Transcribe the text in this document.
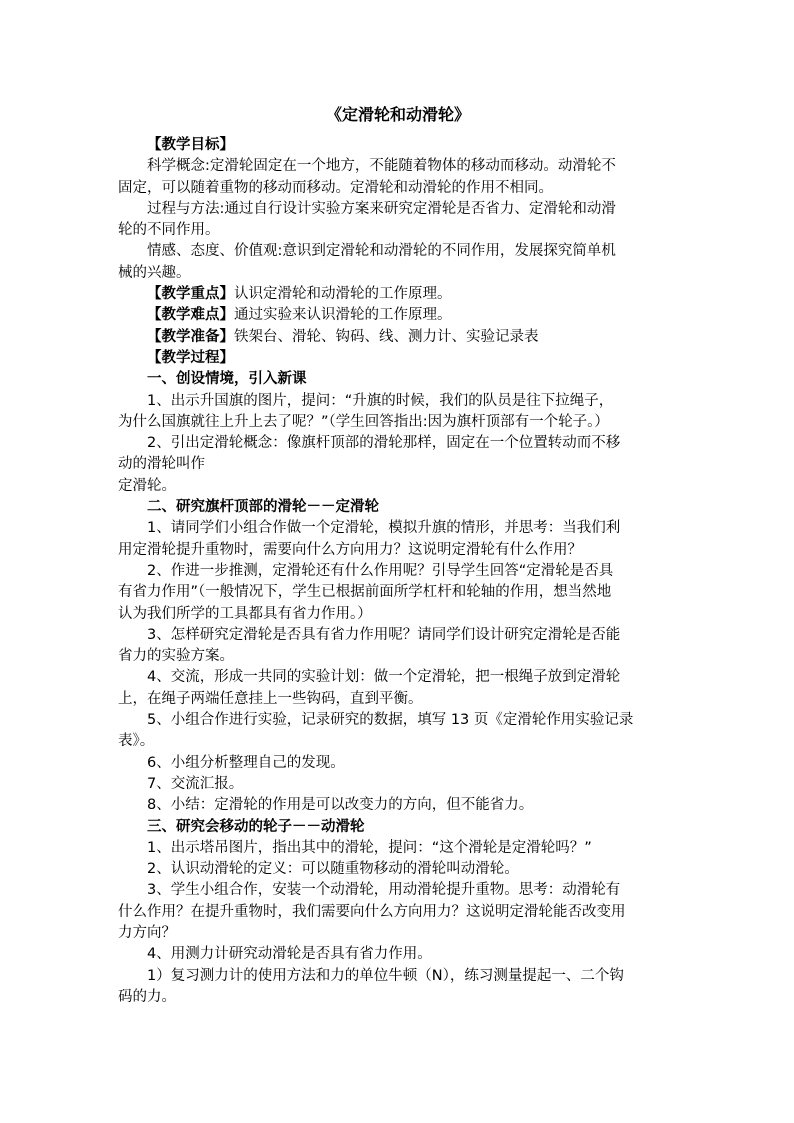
《定滑轮和动滑轮》
【教学目标】
科学概念:定滑轮固定在一个地方，不能随着物体的移动而移动。动滑轮不
固定，可以随着重物的移动而移动。定滑轮和动滑轮的作用不相同。
过程与方法:通过自行设计实验方案来研究定滑轮是否省力、定滑轮和动滑
轮的不同作用。
情感、态度、价值观:意识到定滑轮和动滑轮的不同作用，发展探究简单机
械的兴趣。
【教学重点】认识定滑轮和动滑轮的工作原理。
【教学难点】通过实验来认识滑轮的工作原理。
【教学准备】铁架台、滑轮、钩码、线、测力计、实验记录表
【教学过程】
一、创设情境，引入新课
1、出示升国旗的图片，提问：“升旗的时候，我们的队员是往下拉绳子，
为什么国旗就往上升上去了呢？”（学生回答指出:因为旗杆顶部有一个轮子。）
2、引出定滑轮概念：像旗杆顶部的滑轮那样，固定在一个位置转动而不移
动的滑轮叫作
定滑轮。
二、研究旗杆顶部的滑轮－－定滑轮
1、请同学们小组合作做一个定滑轮，模拟升旗的情形，并思考：当我们利
用定滑轮提升重物时，需要向什么方向用力？这说明定滑轮有什么作用？
2、作进一步推测，定滑轮还有什么作用呢？引导学生回答“定滑轮是否具
有省力作用”（一般情况下，学生已根据前面所学杠杆和轮轴的作用，想当然地
认为我们所学的工具都具有省力作用。）
3、怎样研究定滑轮是否具有省力作用呢？请同学们设计研究定滑轮是否能
省力的实验方案。
4、交流，形成一共同的实验计划：做一个定滑轮，把一根绳子放到定滑轮
上，在绳子两端任意挂上一些钩码，直到平衡。
5、小组合作进行实验，记录研究的数据，填写 13 页《定滑轮作用实验记录
表》。
6、小组分析整理自己的发现。
7、交流汇报。
8、小结：定滑轮的作用是可以改变力的方向，但不能省力。
三、研究会移动的轮子－－动滑轮
1、出示塔吊图片，指出其中的滑轮，提问：“这个滑轮是定滑轮吗？”
2、认识动滑轮的定义：可以随重物移动的滑轮叫动滑轮。
3、学生小组合作，安装一个动滑轮，用动滑轮提升重物。思考：动滑轮有
什么作用？在提升重物时，我们需要向什么方向用力？这说明定滑轮能否改变用
力方向？
4、用测力计研究动滑轮是否具有省力作用。
1）复习测力计的使用方法和力的单位牛顿（N），练习测量提起一、二个钩
码的力。
